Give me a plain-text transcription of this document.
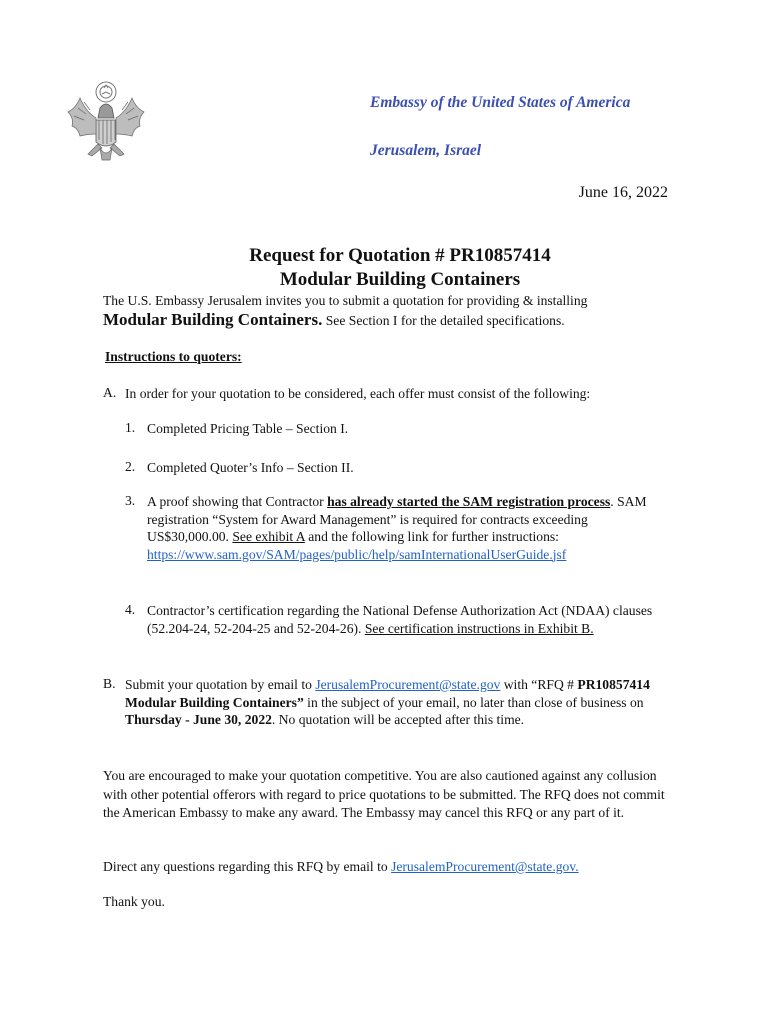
Embassy of the United States of America
Jerusalem, Israel
June 16, 2022
Request for Quotation # PR10857414
Modular Building Containers
The U.S. Embassy Jerusalem invites you to submit a quotation for providing & installing
Modular Building Containers. See Section I for the detailed specifications.
Instructions to quoters:
A. In order for your quotation to be considered, each offer must consist of the following:
1. Completed Pricing Table – Section I.
2. Completed Quoter’s Info – Section II.
3. A proof showing that Contractor has already started the SAM registration process. SAM registration “System for Award Management” is required for contracts exceeding US$30,000.00. See exhibit A and the following link for further instructions:
https://www.sam.gov/SAM/pages/public/help/samInternationalUserGuide.jsf
4. Contractor’s certification regarding the National Defense Authorization Act (NDAA) clauses (52.204-24, 52-204-25 and 52-204-26). See certification instructions in Exhibit B.
B. Submit your quotation by email to JerusalemProcurement@state.gov with “RFQ # PR10857414 Modular Building Containers” in the subject of your email, no later than close of business on Thursday - June 30, 2022. No quotation will be accepted after this time.
You are encouraged to make your quotation competitive. You are also cautioned against any collusion with other potential offerors with regard to price quotations to be submitted. The RFQ does not commit the American Embassy to make any award. The Embassy may cancel this RFQ or any part of it.
Direct any questions regarding this RFQ by email to JerusalemProcurement@state.gov.
Thank you.
